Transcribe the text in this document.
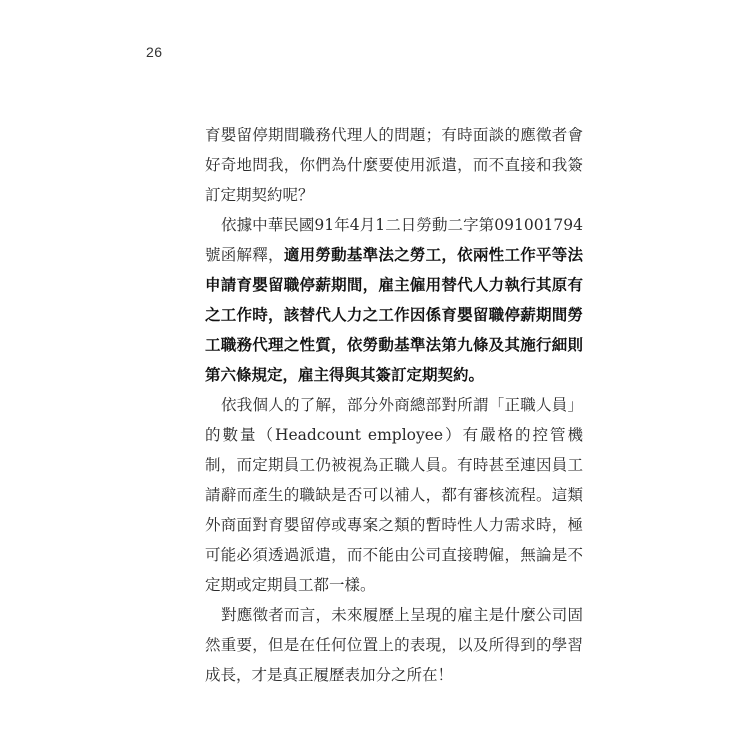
26

育嬰留停期間職務代理人的問題；有時面談的應徵者會好奇地問我，你們為什麼要使用派遣，而不直接和我簽訂定期契約呢？

依據中華民國91年4月1二日勞動二字第091001794號函解釋，適用勞動基準法之勞工，依兩性工作平等法申請育嬰留職停薪期間，雇主僱用替代人力執行其原有之工作時，該替代人力之工作因係育嬰留職停薪期間勞工職務代理之性質，依勞動基準法第九條及其施行細則第六條規定，雇主得與其簽訂定期契約。

依我個人的了解，部分外商總部對所謂「正職人員」的數量（Headcount employee）有嚴格的控管機制，而定期員工仍被視為正職人員。有時甚至連因員工請辭而產生的職缺是否可以補人，都有審核流程。這類外商面對育嬰留停或專案之類的暫時性人力需求時，極可能必須透過派遣，而不能由公司直接聘僱，無論是不定期或定期員工都一樣。

對應徵者而言，未來履歷上呈現的雇主是什麼公司固然重要，但是在任何位置上的表現，以及所得到的學習成長，才是真正履歷表加分之所在！
